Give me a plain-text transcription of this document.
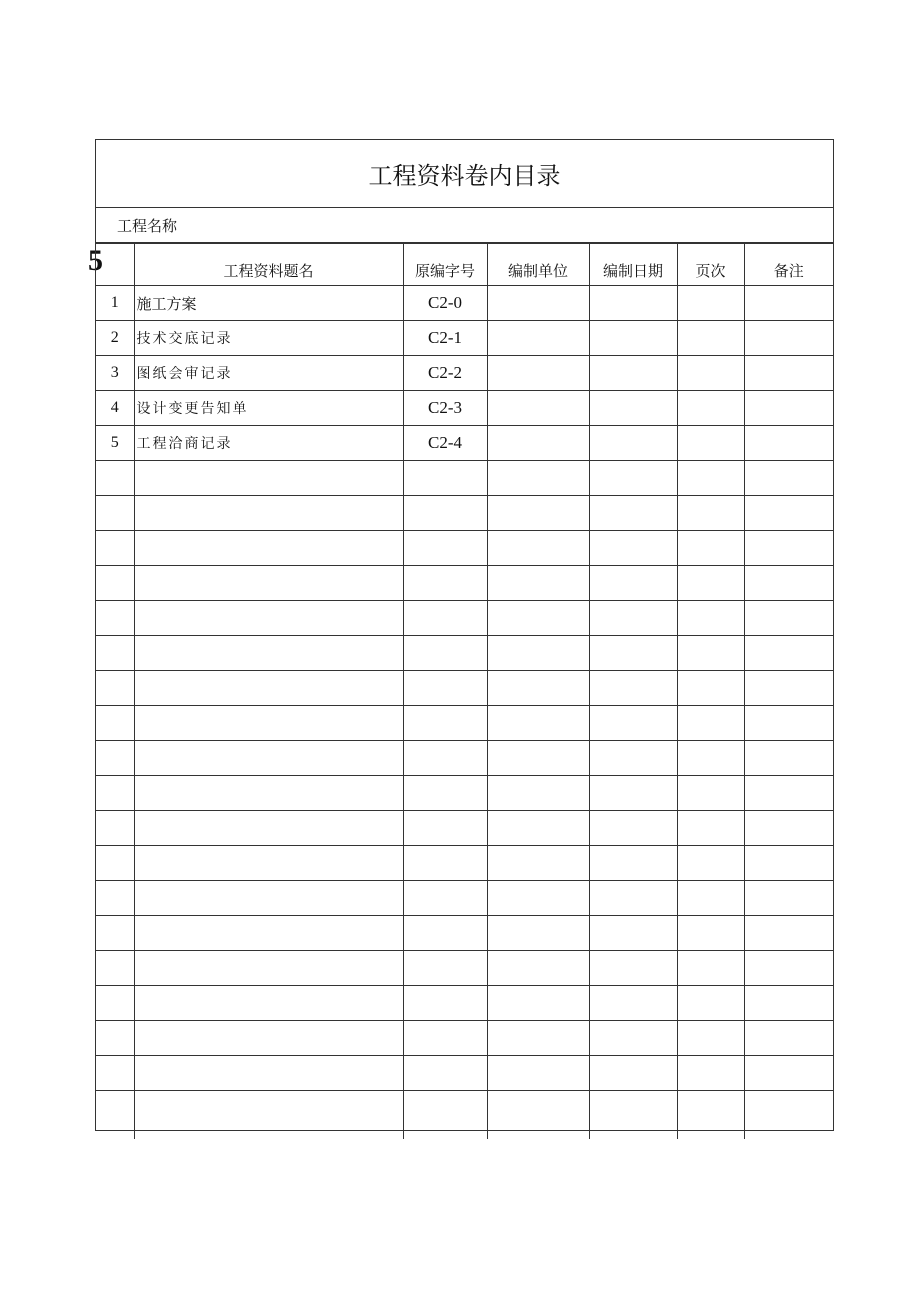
5
工程资料卷内目录
工程名称
	工程资料题名	原编字号	编制单位	编制日期	页次	备注
1	施工方案	C2-0				
2	技术交底记录	C2-1				
3	图纸会审记录	C2-2				
4	设计变更告知单	C2-3				
5	工程洽商记录	C2-4				
